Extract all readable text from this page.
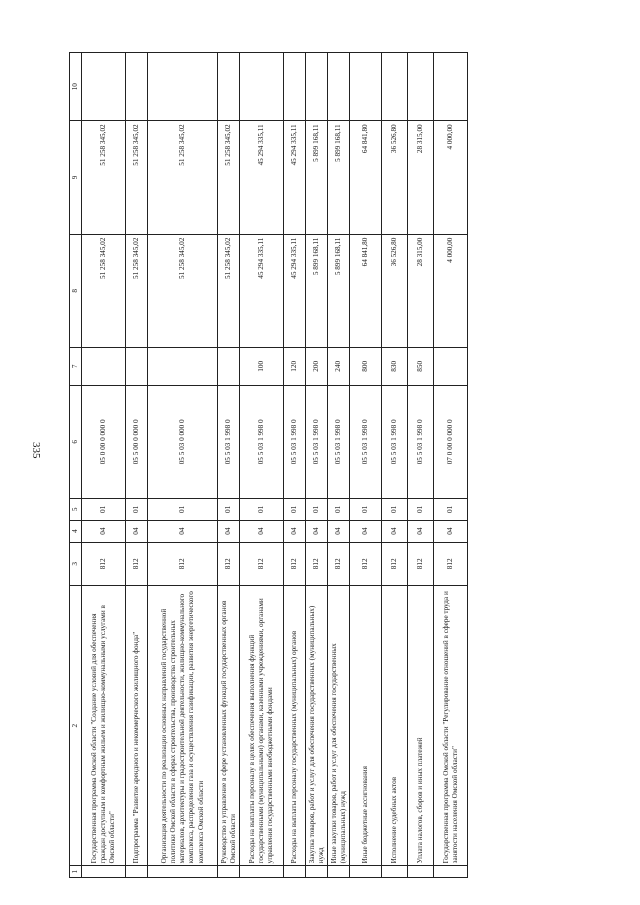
335
1	2	3	4	5	6	7	8	9	10
	Государственная программа Омской области "Создание условий для обеспечения граждан доступным и комфортным жильем и жилищно-коммунальными услугами в Омской области"	812	04	01	05 0 00 0 000 0		51 258 345,02	51 258 345,02	
	Подпрограмма "Развитие арендного и некоммерческого жилищного фонда"	812	04	01	05 5 00 0 000 0		51 258 345,02	51 258 345,02	
	Организация деятельности по реализации основных направлений государственной политики Омской области в сферах строительства, производства строительных материалов, архитектуры и градостроительной деятельности, жилищно-коммунального комплекса, распределения газа и осуществления газификации, развития энергетического комплекса Омской области	812	04	01	05 5 03 0 000 0		51 258 345,02	51 258 345,02	
	Руководство и управление в сфере установленных функций государственных органов Омской области	812	04	01	05 5 03 1 998 0		51 258 345,02	51 258 345,02	
	Расходы на выплаты персоналу в целях обеспечения выполнения функций государственными (муниципальными) органами, казенными учреждениями, органами управления государственными внебюджетными фондами	812	04	01	05 5 03 1 998 0	100	45 294 335,11	45 294 335,11	
	Расходы на выплаты персоналу государственных (муниципальных) органов	812	04	01	05 5 03 1 998 0	120	45 294 335,11	45 294 335,11	
	Закупка товаров, работ и услуг для обеспечения государственных (муниципальных) нужд	812	04	01	05 5 03 1 998 0	200	5 899 168,11	5 899 168,11	
	Иные закупки товаров, работ и услуг для обеспечения государственных (муниципальных) нужд	812	04	01	05 5 03 1 998 0	240	5 899 168,11	5 899 168,11	
	Иные бюджетные ассигнования	812	04	01	05 5 03 1 998 0	800	64 841,80	64 841,80	
	Исполнение судебных актов	812	04	01	05 5 03 1 998 0	830	36 526,80	36 526,80	
	Уплата налогов, сборов и иных платежей	812	04	01	05 5 03 1 998 0	850	28 315,00	28 315,00	
	Государственная программа Омской области "Регулирование отношений в сфере труда и занятости населения Омской области"	812	04	01	07 0 00 0 000 0		4 000,00	4 000,00	
